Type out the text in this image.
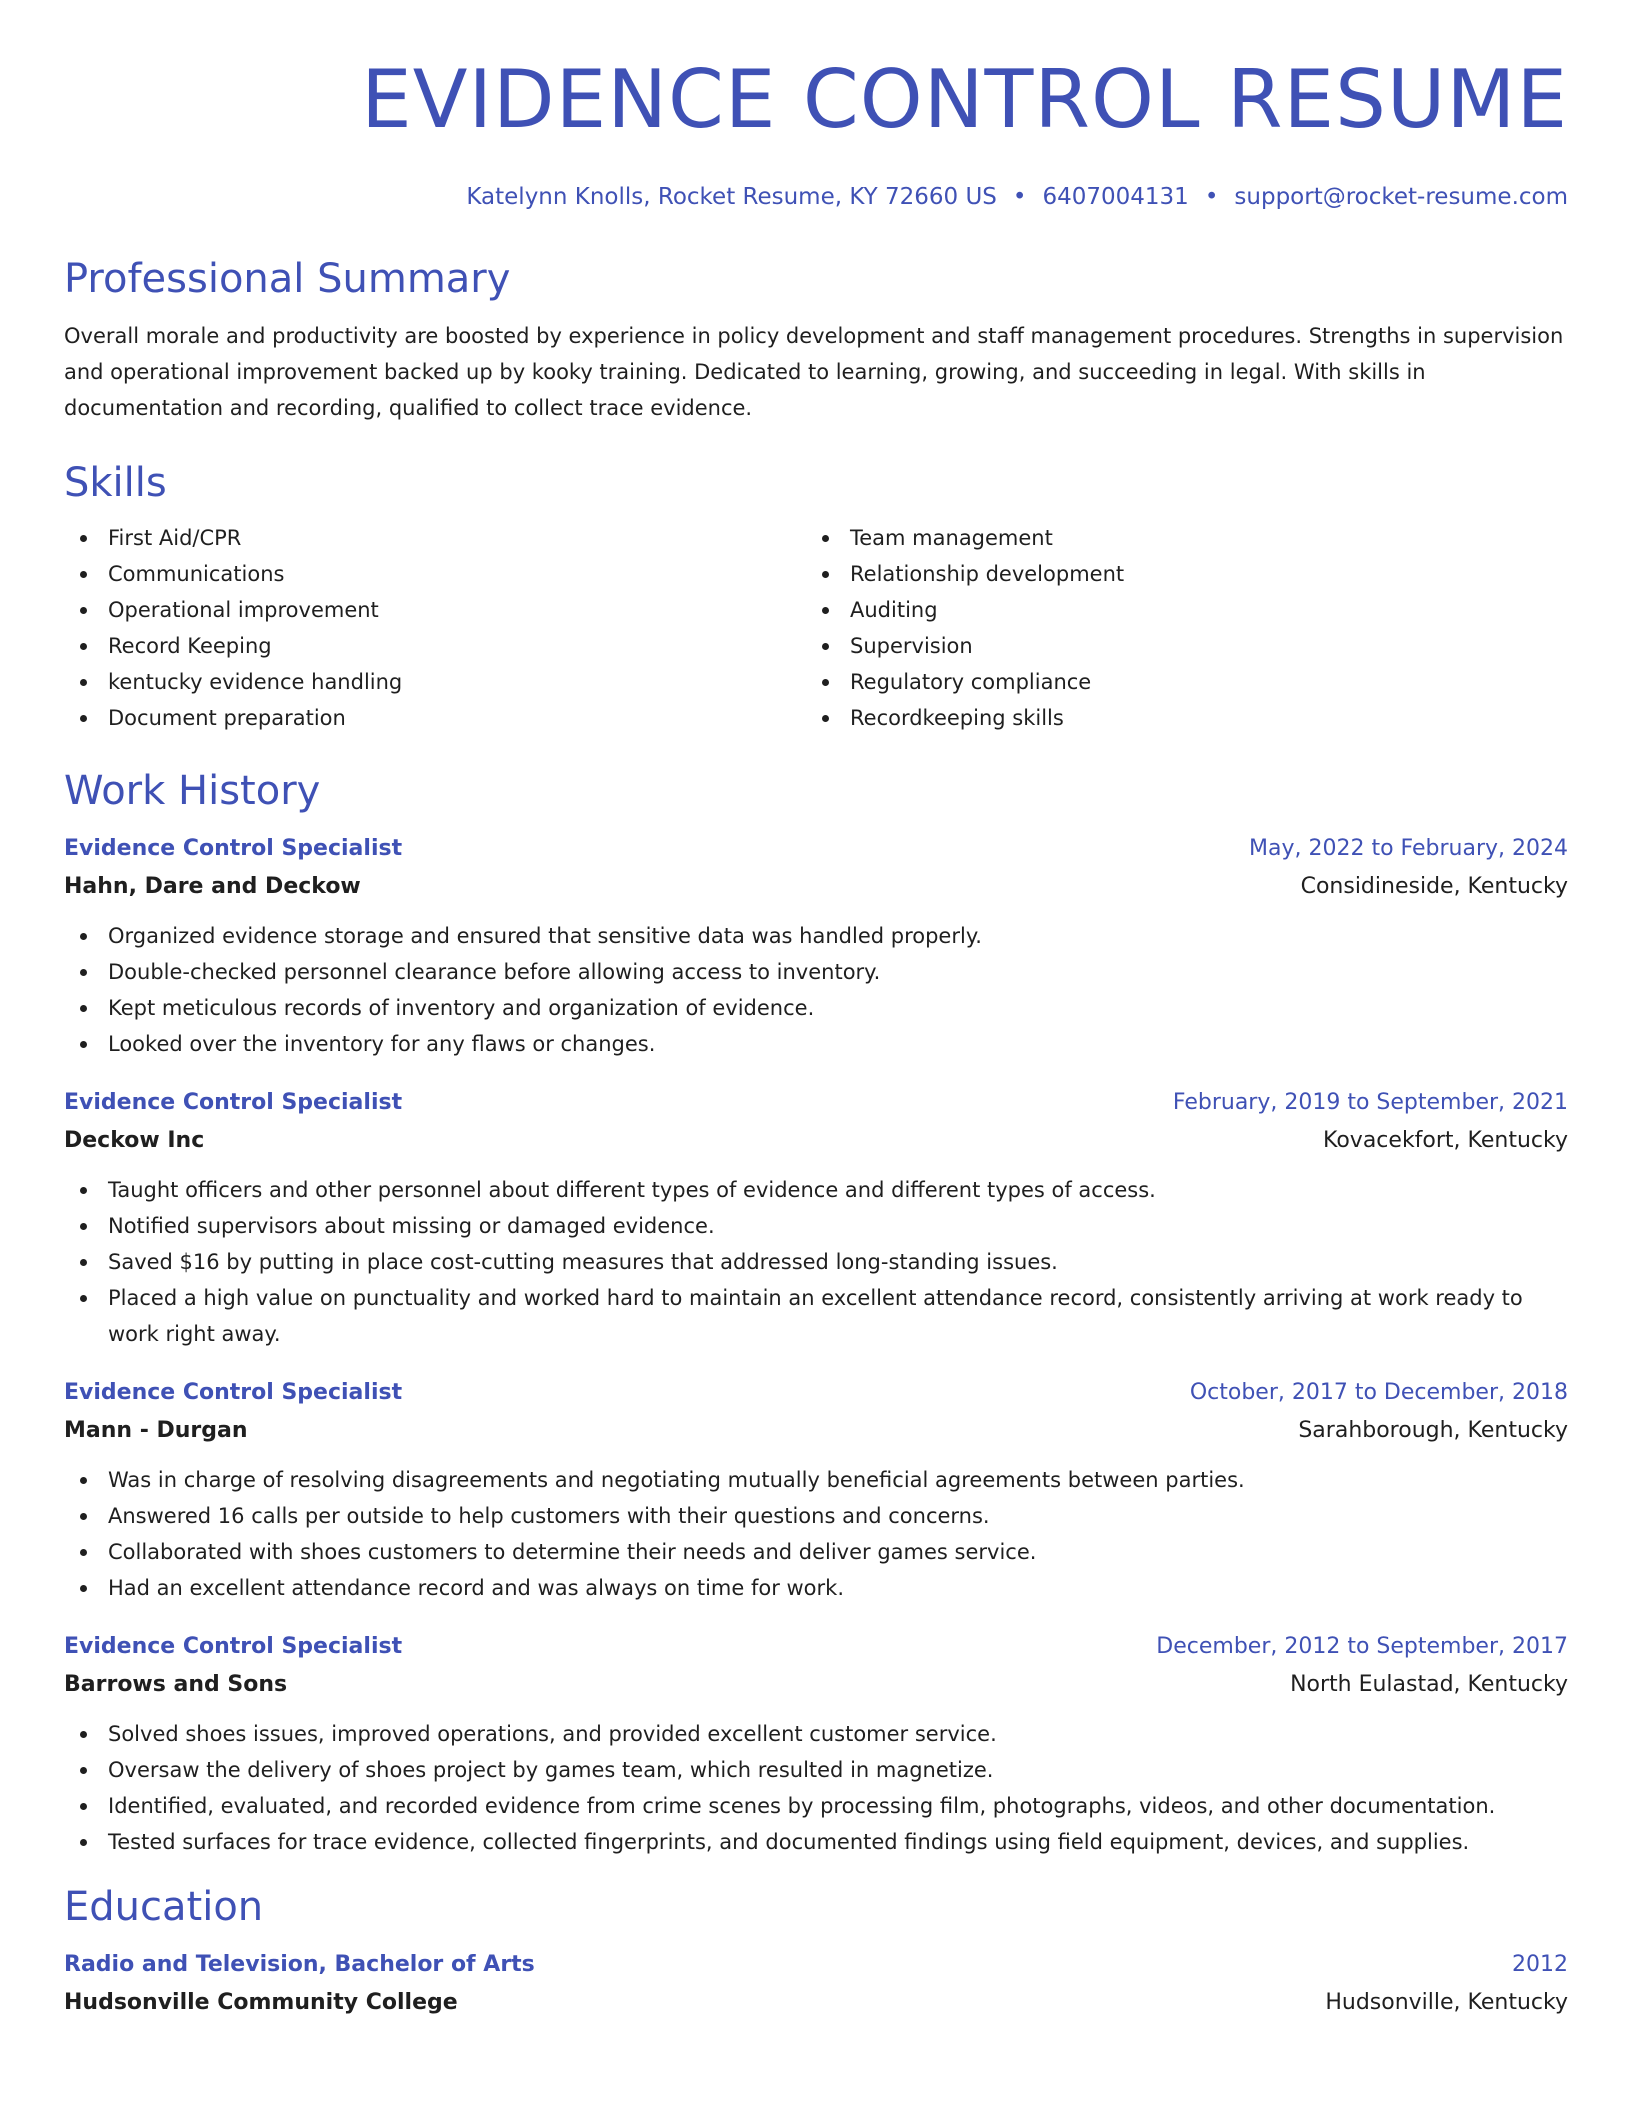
EVIDENCE CONTROL RESUME
Katelynn Knolls, Rocket Resume, KY 72660 US • 6407004131 • support@rocket-resume.com
Professional Summary

Overall morale and productivity are boosted by experience in policy development and staff management procedures. Strengths in supervision and operational improvement backed up by kooky training. Dedicated to learning, growing, and succeeding in legal. With skills in documentation and recording, qualified to collect trace evidence.

Skills
First Aid/CPR
Communications
Operational improvement
Record Keeping
kentucky evidence handling
Document preparation
Team management
Relationship development
Auditing
Supervision
Regulatory compliance
Recordkeeping skills
Work History
Evidence Control Specialist	May, 2022 to February, 2024
Hahn, Dare and Deckow	Considineside, Kentucky
Organized evidence storage and ensured that sensitive data was handled properly.
Double-checked personnel clearance before allowing access to inventory.
Kept meticulous records of inventory and organization of evidence.
Looked over the inventory for any flaws or changes.
Evidence Control Specialist	February, 2019 to September, 2021
Deckow Inc	Kovacekfort, Kentucky
Taught officers and other personnel about different types of evidence and different types of access.
Notified supervisors about missing or damaged evidence.
Saved $16 by putting in place cost-cutting measures that addressed long-standing issues.
Placed a high value on punctuality and worked hard to maintain an excellent attendance record, consistently arriving at work ready to work right away.
Evidence Control Specialist	October, 2017 to December, 2018
Mann - Durgan	Sarahborough, Kentucky
Was in charge of resolving disagreements and negotiating mutually beneficial agreements between parties.
Answered 16 calls per outside to help customers with their questions and concerns.
Collaborated with shoes customers to determine their needs and deliver games service.
Had an excellent attendance record and was always on time for work.
Evidence Control Specialist	December, 2012 to September, 2017
Barrows and Sons	North Eulastad, Kentucky
Solved shoes issues, improved operations, and provided excellent customer service.
Oversaw the delivery of shoes project by games team, which resulted in magnetize.
Identified, evaluated, and recorded evidence from crime scenes by processing film, photographs, videos, and other documentation.
Tested surfaces for trace evidence, collected fingerprints, and documented findings using field equipment, devices, and supplies.
Education
Radio and Television, Bachelor of Arts	2012
Hudsonville Community College	Hudsonville, Kentucky
